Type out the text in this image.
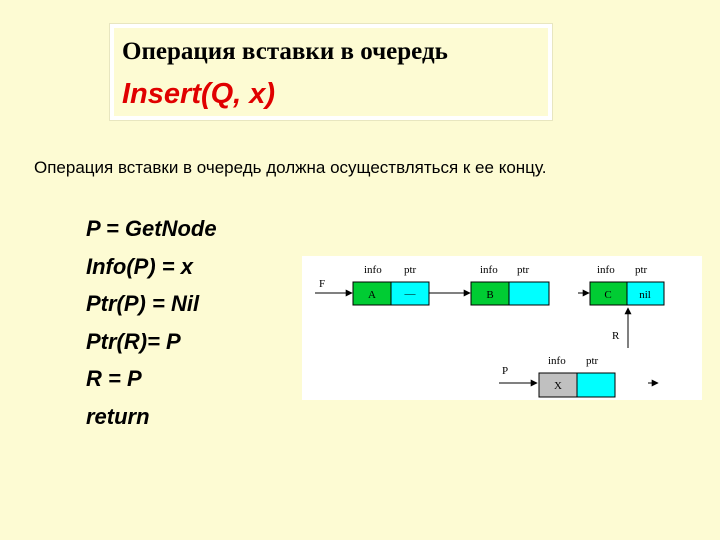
Операция вставки в очередь
Insert(Q, x)
Операция вставки в очередь должна осуществляться к ее концу.
P = GetNode
Info(P) = x
Ptr(P) = Nil
Ptr(R)= P
R = P
return
F
info ptr
A	—
info ptr
B
info ptr
C	nil
R
info ptr
P
X
